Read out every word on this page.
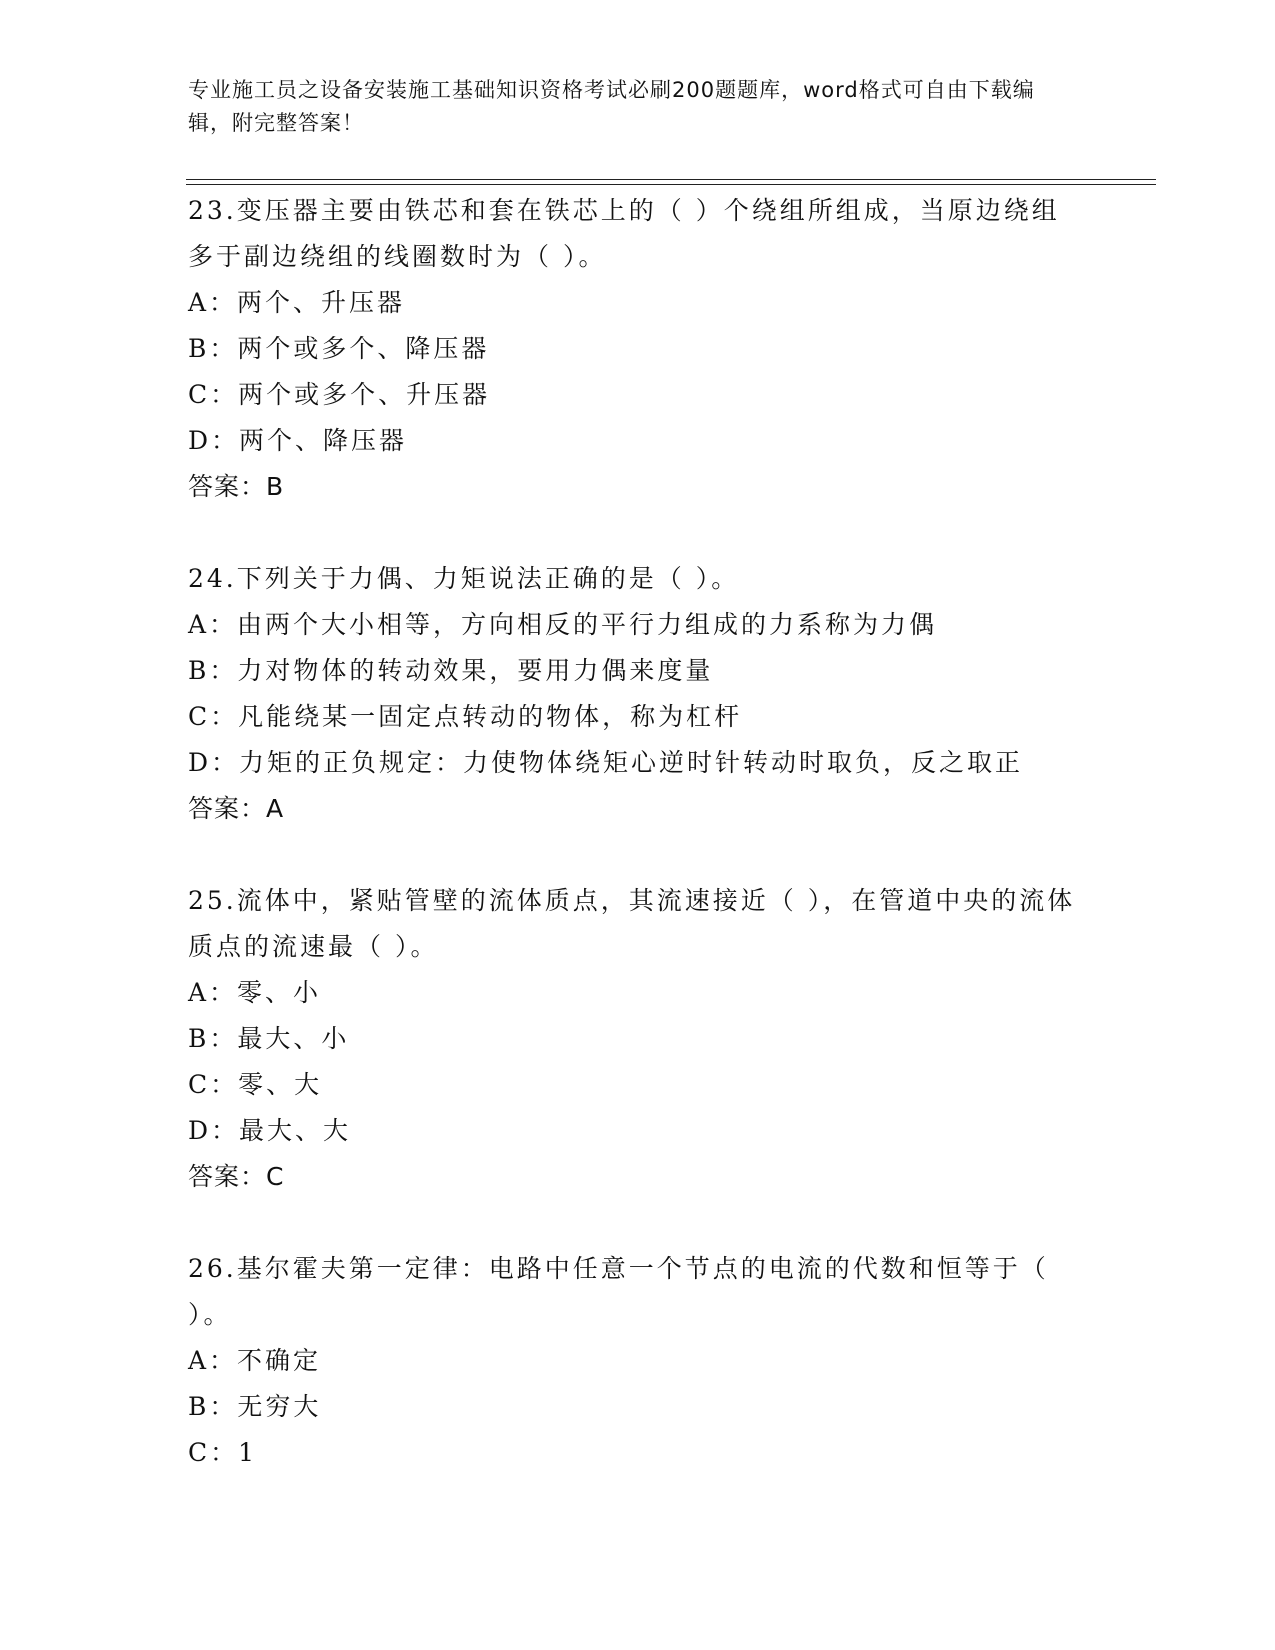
专业施工员之设备安装施工基础知识资格考试必刷200题题库，word格式可自由下载编辑，附完整答案！

23.变压器主要由铁芯和套在铁芯上的（ ）个绕组所组成，当原边绕组多于副边绕组的线圈数时为（ ）。

A：两个、升压器

B：两个或多个、降压器

C：两个或多个、升压器

D：两个、降压器

答案：B

24.下列关于力偶、力矩说法正确的是（ ）。

A：由两个大小相等，方向相反的平行力组成的力系称为力偶

B：力对物体的转动效果，要用力偶来度量

C：凡能绕某一固定点转动的物体，称为杠杆

D：力矩的正负规定：力使物体绕矩心逆时针转动时取负，反之取正

答案：A

25.流体中，紧贴管壁的流体质点，其流速接近（ ），在管道中央的流体质点的流速最（ ）。

A：零、小

B：最大、小

C：零、大

D：最大、大

答案：C

26.基尔霍夫第一定律：电路中任意一个节点的电流的代数和恒等于（ ）。

A：不确定

B：无穷大

C：1
